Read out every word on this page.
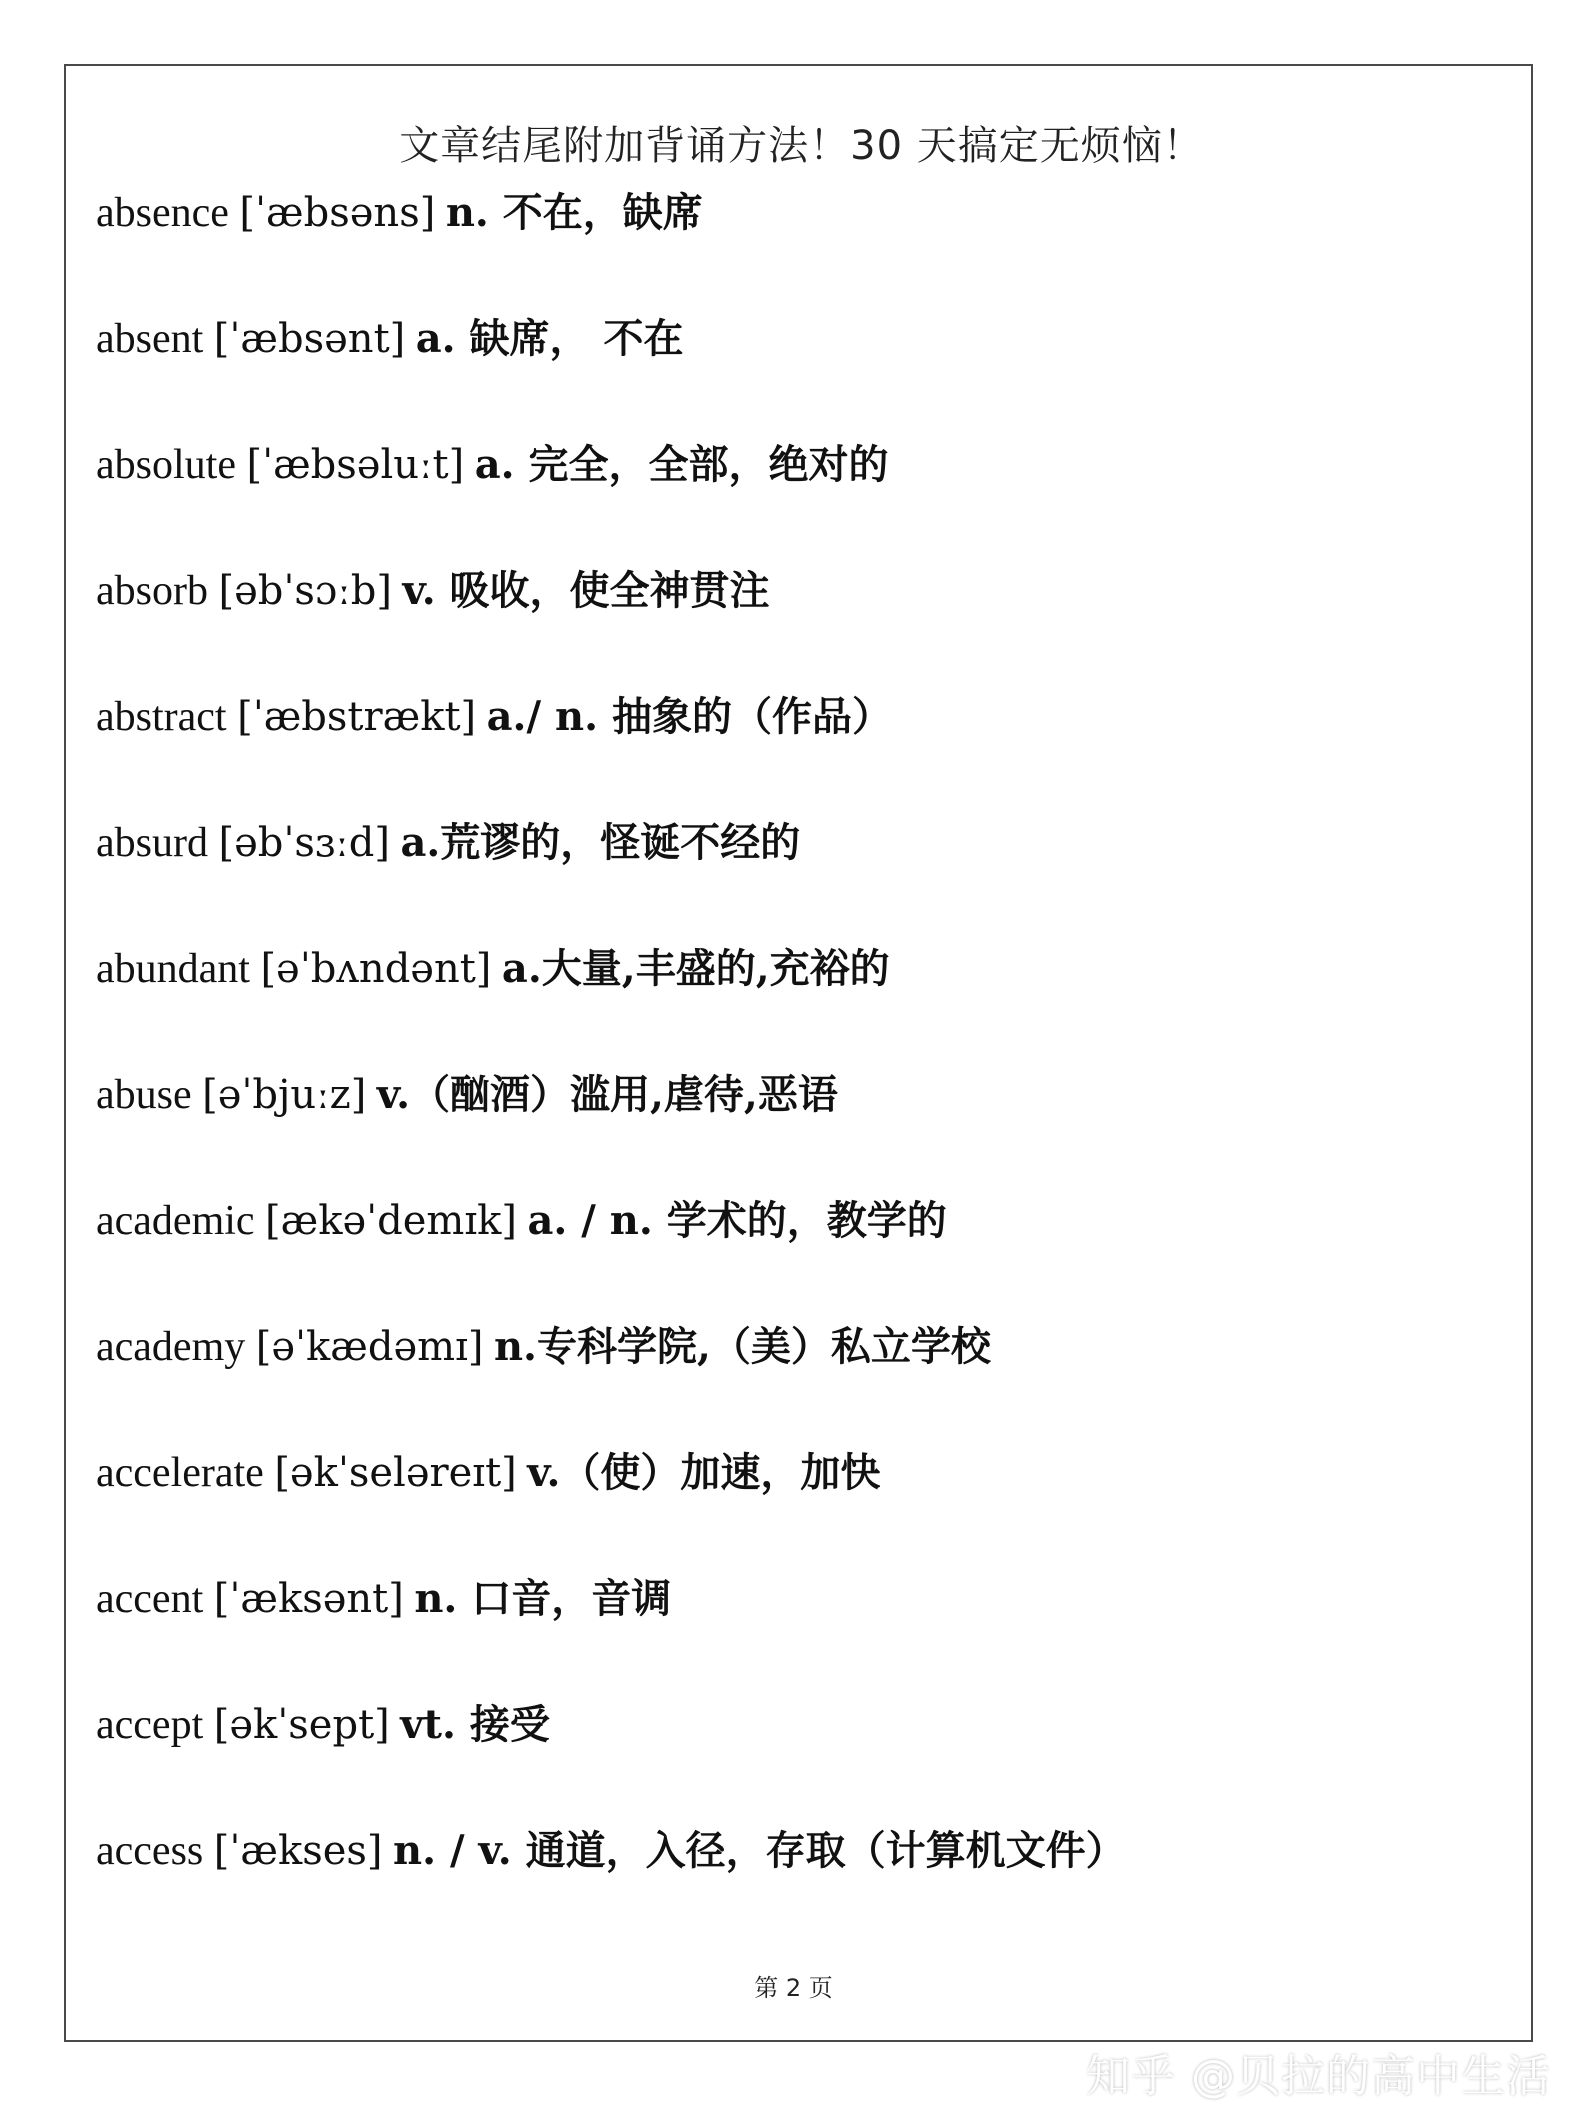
文章结尾附加背诵方法！30 天搞定无烦恼！
absence [ˈæbsəns] n. 不在，缺席
absent [ˈæbsənt] a. 缺席， 不在
absolute [ˈæbsəluːt] a. 完全，全部，绝对的
absorb [əbˈsɔːb] v. 吸收，使全神贯注
abstract [ˈæbstrækt] a./ n. 抽象的（作品）
absurd [əbˈsɜːd] a.荒谬的，怪诞不经的
abundant [əˈbʌndənt] a.大量,丰盛的,充裕的
abuse [əˈbjuːz] v.（酗酒）滥用,虐待,恶语
academic [ækəˈdemɪk] a. / n. 学术的，教学的
academy [əˈkædəmɪ] n.专科学院,（美）私立学校
accelerate [əkˈseləreɪt] v.（使）加速，加快
accent [ˈæksənt] n. 口音，音调
accept [əkˈsept] vt. 接受
access [ˈækses] n. / v. 通道，入径，存取（计算机文件）
第 2 页
知乎 @贝拉的高中生活
